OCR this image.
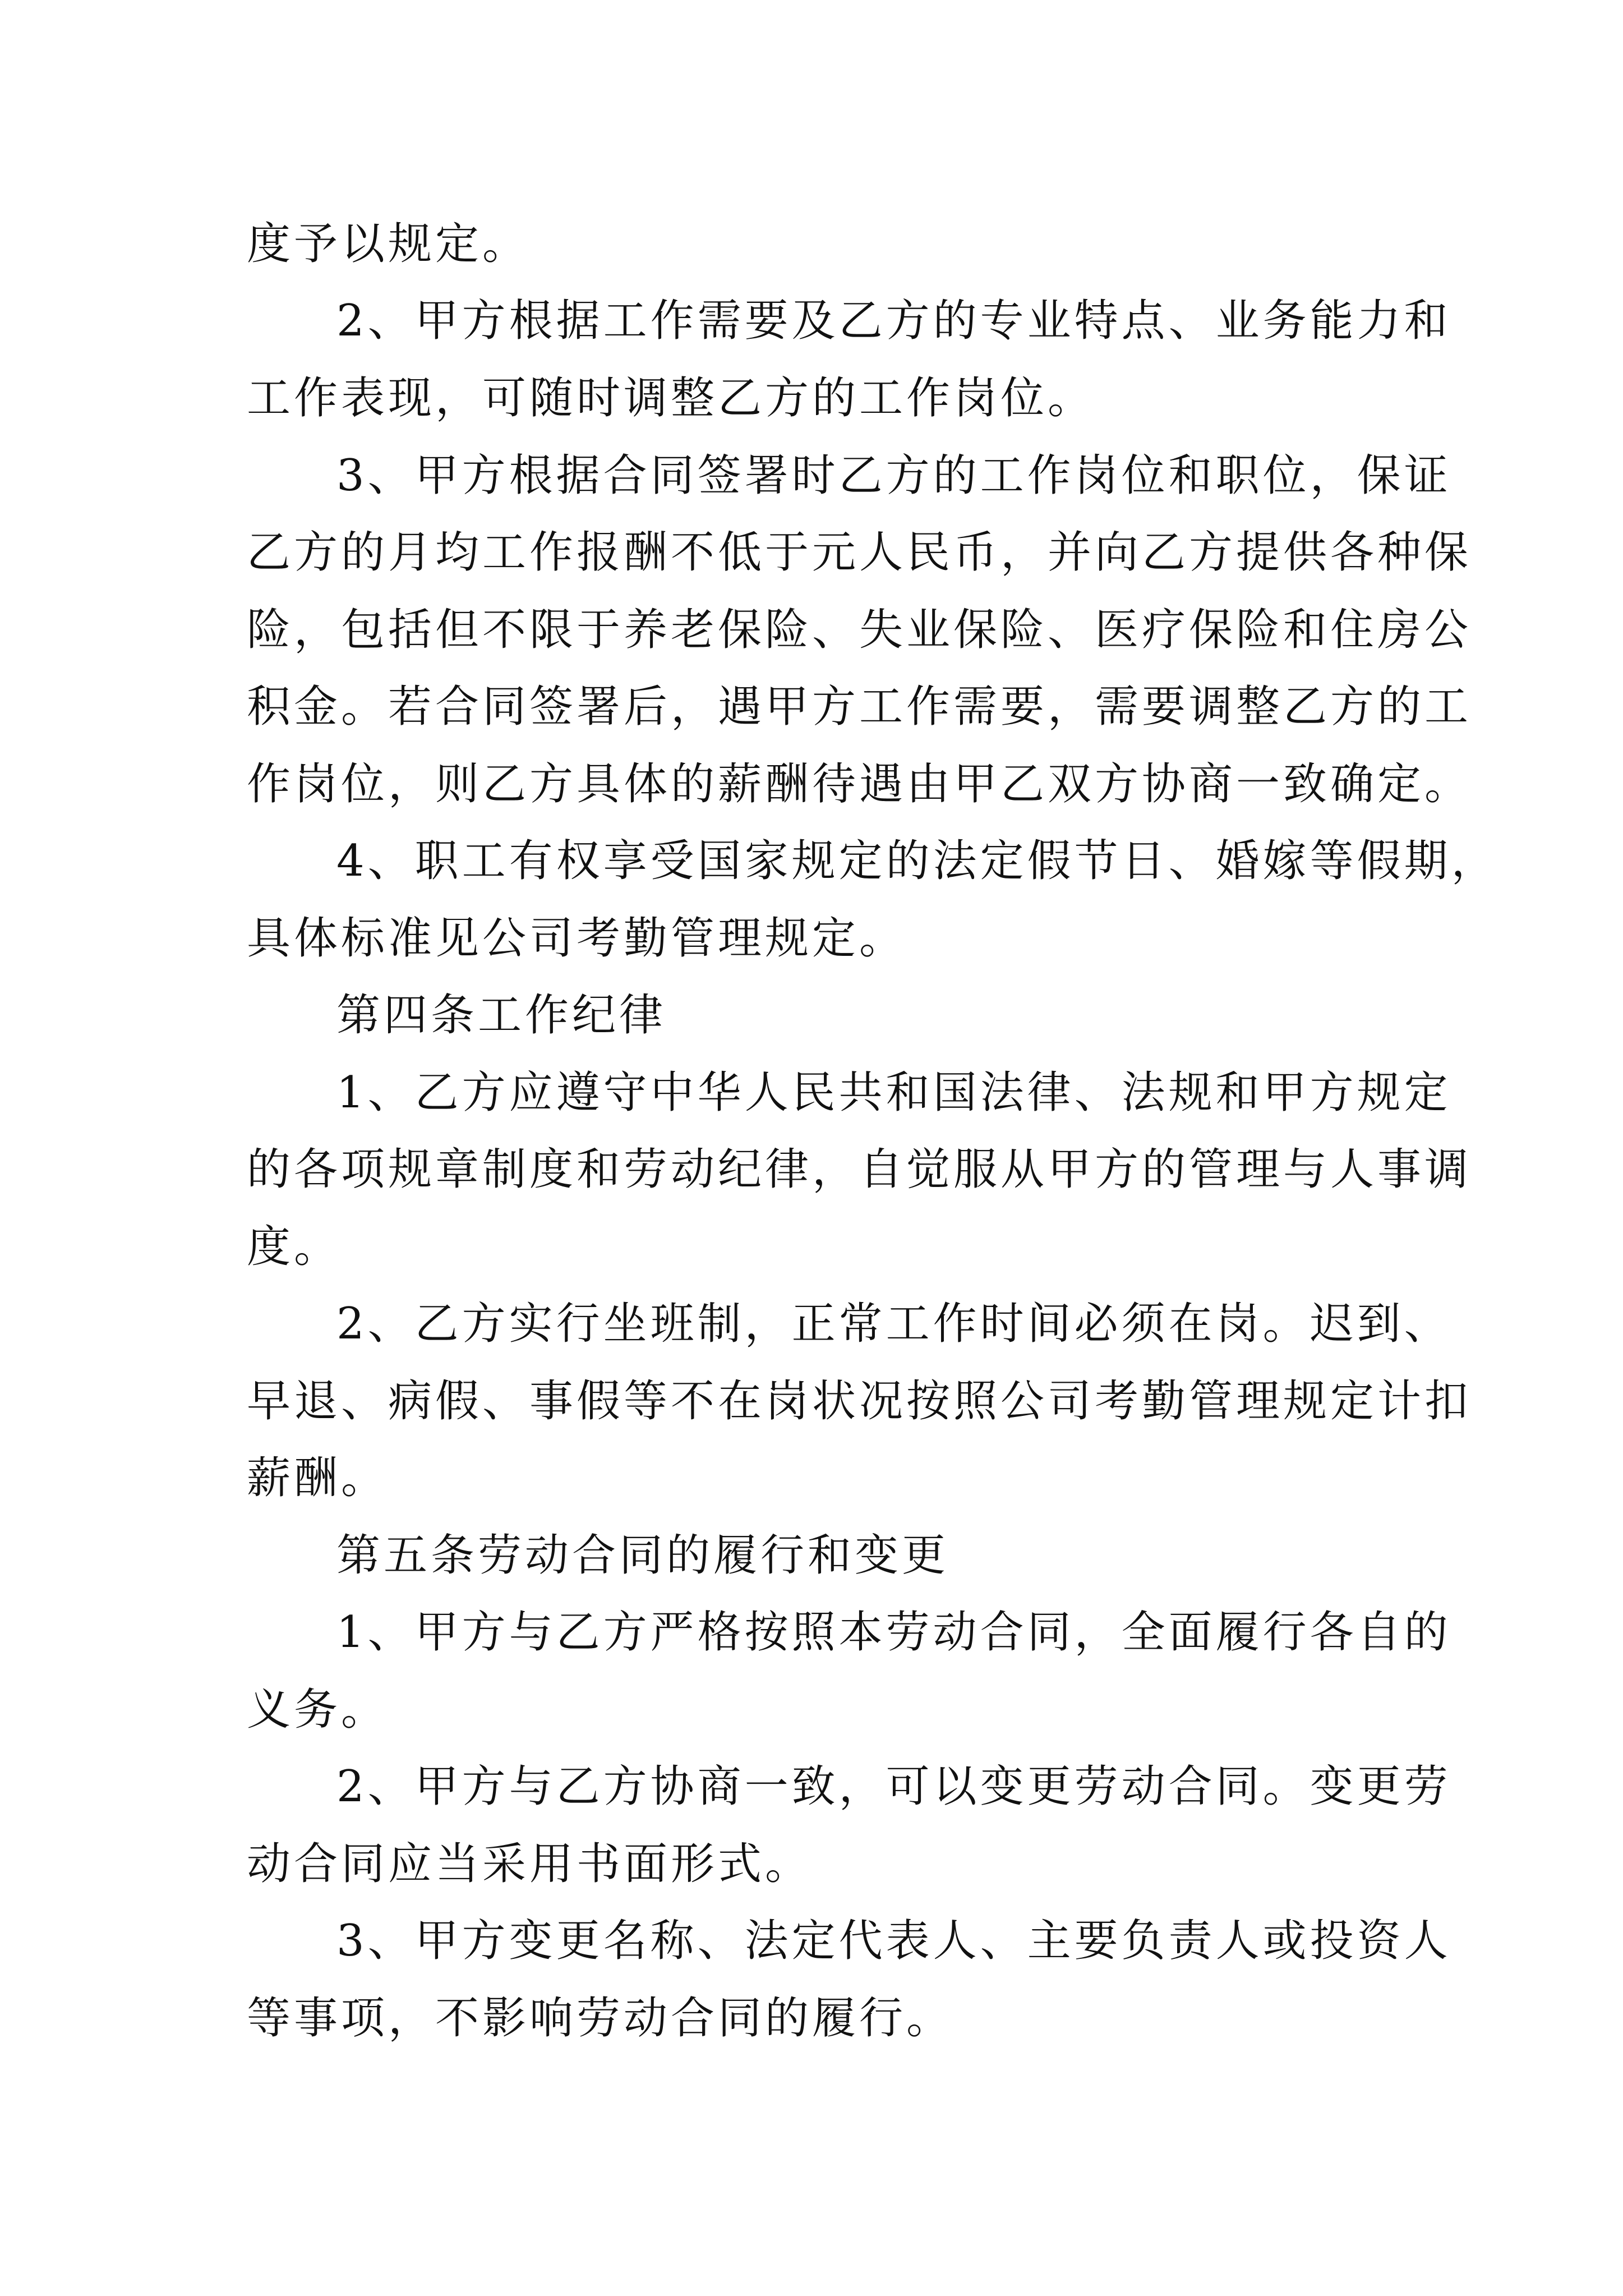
度予以规定。
2、甲方根据工作需要及乙方的专业特点、业务能力和
工作表现，可随时调整乙方的工作岗位。
3、甲方根据合同签署时乙方的工作岗位和职位，保证
乙方的月均工作报酬不低于元人民币，并向乙方提供各种保
险，包括但不限于养老保险、失业保险、医疗保险和住房公
积金。若合同签署后，遇甲方工作需要，需要调整乙方的工
作岗位，则乙方具体的薪酬待遇由甲乙双方协商一致确定。
4、职工有权享受国家规定的法定假节日、婚嫁等假期，
具体标准见公司考勤管理规定。
第四条工作纪律
1、乙方应遵守中华人民共和国法律、法规和甲方规定
的各项规章制度和劳动纪律，自觉服从甲方的管理与人事调
度。
2、乙方实行坐班制，正常工作时间必须在岗。迟到、
早退、病假、事假等不在岗状况按照公司考勤管理规定计扣
薪酬。
第五条劳动合同的履行和变更
1、甲方与乙方严格按照本劳动合同，全面履行各自的
义务。
2、甲方与乙方协商一致，可以变更劳动合同。变更劳
动合同应当采用书面形式。
3、甲方变更名称、法定代表人、主要负责人或投资人
等事项，不影响劳动合同的履行。
